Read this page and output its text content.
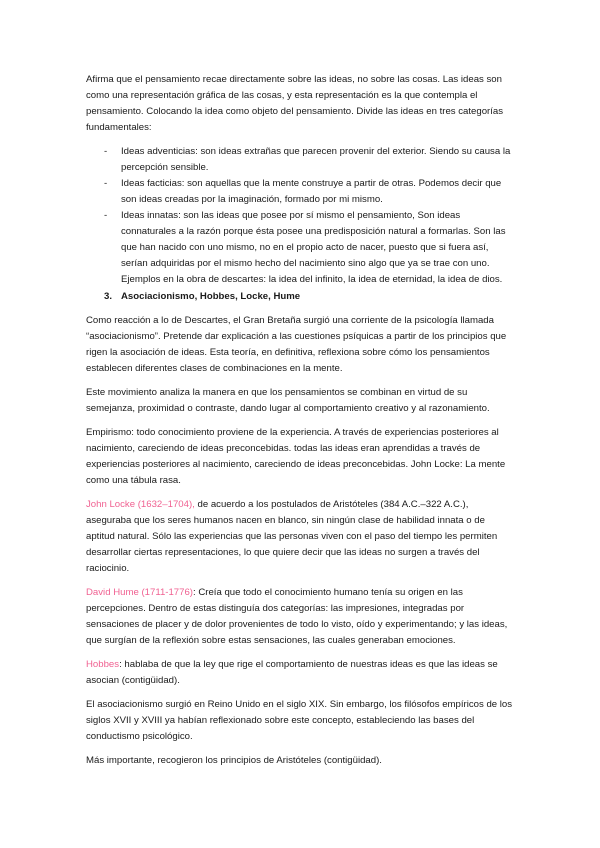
Afirma que el pensamiento recae directamente sobre las ideas, no sobre las cosas. Las ideas son como una representación gráfica de las cosas, y esta representación es la que contempla el pensamiento. Colocando la idea como objeto del pensamiento. Divide las ideas en tres categorías fundamentales:

- Ideas adventicias: son ideas extrañas que parecen provenir del exterior. Siendo su causa la percepción sensible.
- Ideas facticias: son aquellas que la mente construye a partir de otras. Podemos decir que son ideas creadas por la imaginación, formado por mi mismo.
- Ideas innatas: son las ideas que posee por sí mismo el pensamiento, Son ideas connaturales a la razón porque ésta posee una predisposición natural a formarlas. Son las que han nacido con uno mismo, no en el propio acto de nacer, puesto que si fuera así, serían adquiridas por el mismo hecho del nacimiento sino algo que ya se trae con uno. Ejemplos en la obra de descartes: la idea del infinito, la idea de eternidad, la idea de dios.
3. Asociacionismo, Hobbes, Locke, Hume

Como reacción a lo de Descartes, el Gran Bretaña surgió una corriente de la psicología llamada “asociacionismo”. Pretende dar explicación a las cuestiones psíquicas a partir de los principios que rigen la asociación de ideas. Esta teoría, en definitiva, reflexiona sobre cómo los pensamientos establecen diferentes clases de combinaciones en la mente.

Este movimiento analiza la manera en que los pensamientos se combinan en virtud de su semejanza, proximidad o contraste, dando lugar al comportamiento creativo y al razonamiento.

Empirismo: todo conocimiento proviene de la experiencia. A través de experiencias posteriores al nacimiento, careciendo de ideas preconcebidas. todas las ideas eran aprendidas a través de experiencias posteriores al nacimiento, careciendo de ideas preconcebidas. John Locke: La mente como una tábula rasa.

John Locke (1632–1704), de acuerdo a los postulados de Aristóteles (384 A.C.–322 A.C.), aseguraba que los seres humanos nacen en blanco, sin ningún clase de habilidad innata o de aptitud natural. Sólo las experiencias que las personas viven con el paso del tiempo les permiten desarrollar ciertas representaciones, lo que quiere decir que las ideas no surgen a través del raciocinio.

David Hume (1711-1776): Creía que todo el conocimiento humano tenía su origen en las percepciones. Dentro de estas distinguía dos categorías: las impresiones, integradas por sensaciones de placer y de dolor provenientes de todo lo visto, oído y experimentando; y las ideas, que surgían de la reflexión sobre estas sensaciones, las cuales generaban emociones.

Hobbes: hablaba de que la ley que rige el comportamiento de nuestras ideas es que las ideas se asocian (contigüidad).

El asociacionismo surgió en Reino Unido en el siglo XIX. Sin embargo, los filósofos empíricos de los siglos XVII y XVIII ya habían reflexionado sobre este concepto, estableciendo las bases del conductismo psicológico.

Más importante, recogieron los principios de Aristóteles (contigüidad).
